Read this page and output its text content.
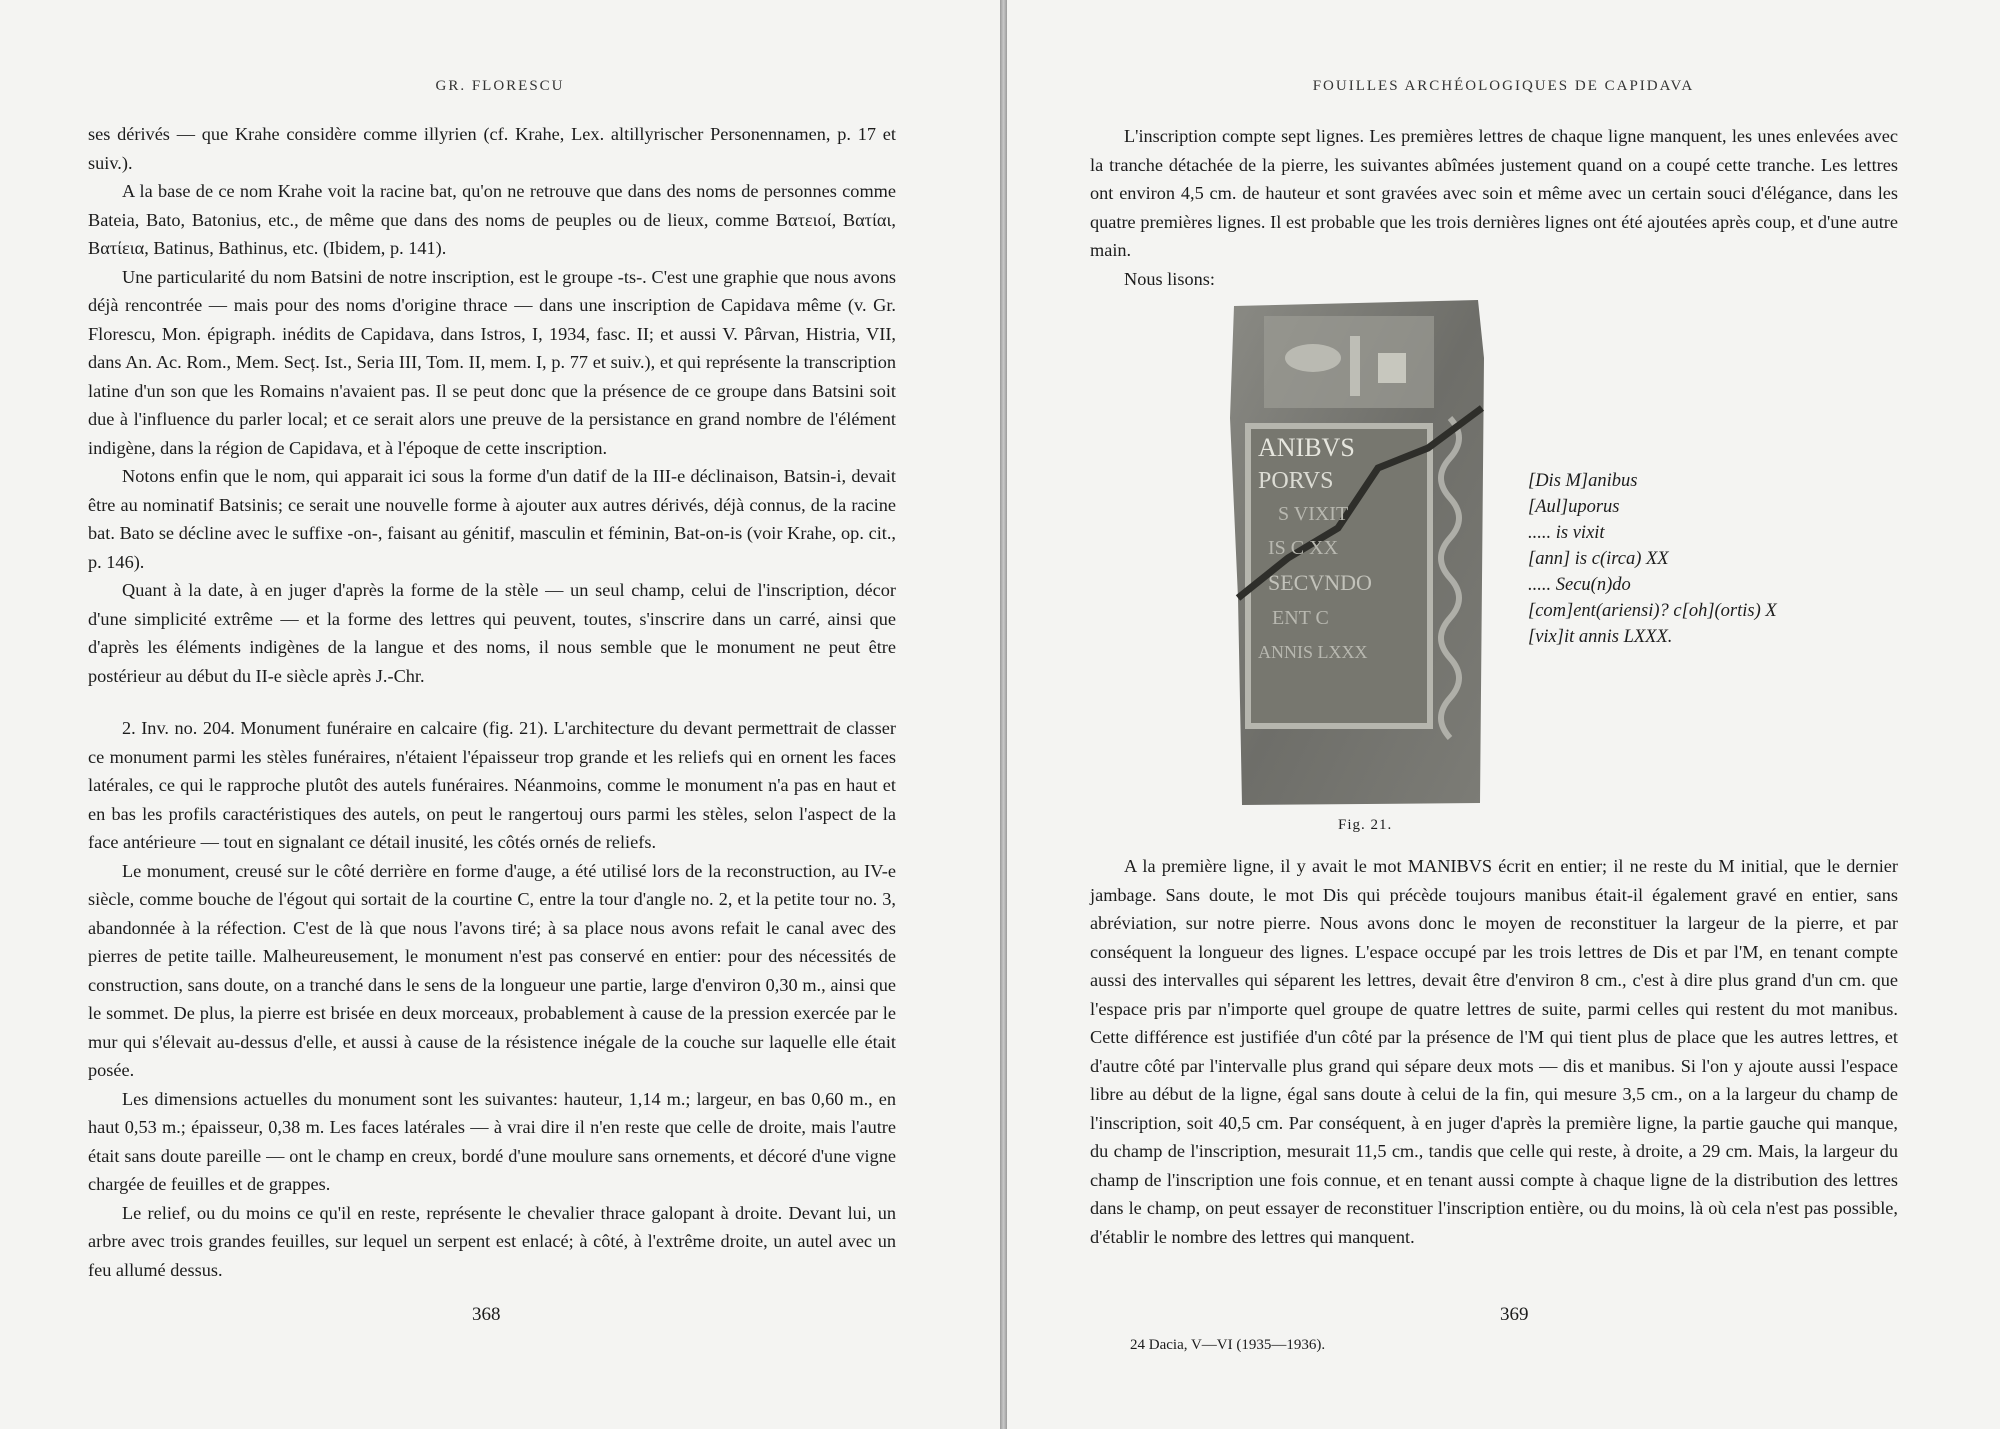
GR. FLORESCU

ses dérivés — que Krahe considère comme illyrien (cf. Krahe, Lex. altillyrischer Personennamen, p. 17 et suiv.).

A la base de ce nom Krahe voit la racine bat, qu'on ne retrouve que dans des noms de personnes comme Bateia, Bato, Batonius, etc., de même que dans des noms de peuples ou de lieux, comme Βατειοί, Βατίαι, Βατίεια, Batinus, Bathinus, etc. (Ibidem, p. 141).

Une particularité du nom Batsini de notre inscription, est le groupe -ts-. C'est une graphie que nous avons déjà rencontrée — mais pour des noms d'origine thrace — dans une inscription de Capidava même (v. Gr. Florescu, Mon. épigraph. inédits de Capidava, dans Istros, I, 1934, fasc. II; et aussi V. Pârvan, Histria, VII, dans An. Ac. Rom., Mem. Secț. Ist., Seria III, Tom. II, mem. I, p. 77 et suiv.), et qui représente la transcription latine d'un son que les Romains n'avaient pas. Il se peut donc que la présence de ce groupe dans Batsini soit due à l'influence du parler local; et ce serait alors une preuve de la persistance en grand nombre de l'élément indigène, dans la région de Capidava, et à l'époque de cette inscription.

Notons enfin que le nom, qui apparait ici sous la forme d'un datif de la III-e déclinaison, Batsin-i, devait être au nominatif Batsinis; ce serait une nouvelle forme à ajouter aux autres dérivés, déjà connus, de la racine bat. Bato se décline avec le suffixe -on-, faisant au génitif, masculin et féminin, Bat-on-is (voir Krahe, op. cit., p. 146).

Quant à la date, à en juger d'après la forme de la stèle — un seul champ, celui de l'inscription, décor d'une simplicité extrême — et la forme des lettres qui peuvent, toutes, s'inscrire dans un carré, ainsi que d'après les éléments indigènes de la langue et des noms, il nous semble que le monument ne peut être postérieur au début du II-e siècle après J.-Chr.

2. Inv. no. 204. Monument funéraire en calcaire (fig. 21). L'architecture du devant permettrait de classer ce monument parmi les stèles funéraires, n'étaient l'épaisseur trop grande et les reliefs qui en ornent les faces latérales, ce qui le rapproche plutôt des autels funéraires. Néanmoins, comme le monument n'a pas en haut et en bas les profils caractéristiques des autels, on peut le rangertouj ours parmi les stèles, selon l'aspect de la face antérieure — tout en signalant ce détail inusité, les côtés ornés de reliefs.

Le monument, creusé sur le côté derrière en forme d'auge, a été utilisé lors de la reconstruction, au IV-e siècle, comme bouche de l'égout qui sortait de la courtine C, entre la tour d'angle no. 2, et la petite tour no. 3, abandonnée à la réfection. C'est de là que nous l'avons tiré; à sa place nous avons refait le canal avec des pierres de petite taille. Malheureusement, le monument n'est pas conservé en entier: pour des nécessités de construction, sans doute, on a tranché dans le sens de la longueur une partie, large d'environ 0,30 m., ainsi que le sommet. De plus, la pierre est brisée en deux morceaux, probablement à cause de la pression exercée par le mur qui s'élevait au-dessus d'elle, et aussi à cause de la résistence inégale de la couche sur laquelle elle était posée.

Les dimensions actuelles du monument sont les suivantes: hauteur, 1,14 m.; largeur, en bas 0,60 m., en haut 0,53 m.; épaisseur, 0,38 m. Les faces latérales — à vrai dire il n'en reste que celle de droite, mais l'autre était sans doute pareille — ont le champ en creux, bordé d'une moulure sans ornements, et décoré d'une vigne chargée de feuilles et de grappes.

Le relief, ou du moins ce qu'il en reste, représente le chevalier thrace galopant à droite. Devant lui, un arbre avec trois grandes feuilles, sur lequel un serpent est enlacé; à côté, à l'extrême droite, un autel avec un feu allumé dessus.

368
FOUILLES ARCHÉOLOGIQUES DE CAPIDAVA

L'inscription compte sept lignes. Les premières lettres de chaque ligne manquent, les unes enlevées avec la tranche détachée de la pierre, les suivantes abîmées justement quand on a coupé cette tranche. Les lettres ont environ 4,5 cm. de hauteur et sont gravées avec soin et même avec un certain souci d'élégance, dans les quatre premières lignes. Il est probable que les trois dernières lignes ont été ajoutées après coup, et d'une autre main.

Nous lisons:

ANIBVS
PORVS
S VIXIT
IS C XX
SECVNDO
ENT C
ANNIS LXXX
Fig. 21.
[Dis M]anibus
[Aul]uporus
..... is vixit
[ann] is c(irca) XX
..... Secu(n)do
[com]ent(ariensi)? c[oh](ortis) X
[vix]it annis LXXX.

A la première ligne, il y avait le mot MANIBVS écrit en entier; il ne reste du M initial, que le dernier jambage. Sans doute, le mot Dis qui précède toujours manibus était-il également gravé en entier, sans abréviation, sur notre pierre. Nous avons donc le moyen de reconstituer la largeur de la pierre, et par conséquent la longueur des lignes. L'espace occupé par les trois lettres de Dis et par l'M, en tenant compte aussi des intervalles qui séparent les lettres, devait être d'environ 8 cm., c'est à dire plus grand d'un cm. que l'espace pris par n'importe quel groupe de quatre lettres de suite, parmi celles qui restent du mot manibus. Cette différence est justifiée d'un côté par la présence de l'M qui tient plus de place que les autres lettres, et d'autre côté par l'intervalle plus grand qui sépare deux mots — dis et manibus. Si l'on y ajoute aussi l'espace libre au début de la ligne, égal sans doute à celui de la fin, qui mesure 3,5 cm., on a la largeur du champ de l'inscription, soit 40,5 cm. Par conséquent, à en juger d'après la première ligne, la partie gauche qui manque, du champ de l'inscription, mesurait 11,5 cm., tandis que celle qui reste, à droite, a 29 cm. Mais, la largeur du champ de l'inscription une fois connue, et en tenant aussi compte à chaque ligne de la distribution des lettres dans le champ, on peut essayer de reconstituer l'inscription entière, ou du moins, là où cela n'est pas possible, d'établir le nombre des lettres qui manquent.

369
24 Dacia, V—VI (1935—1936).
